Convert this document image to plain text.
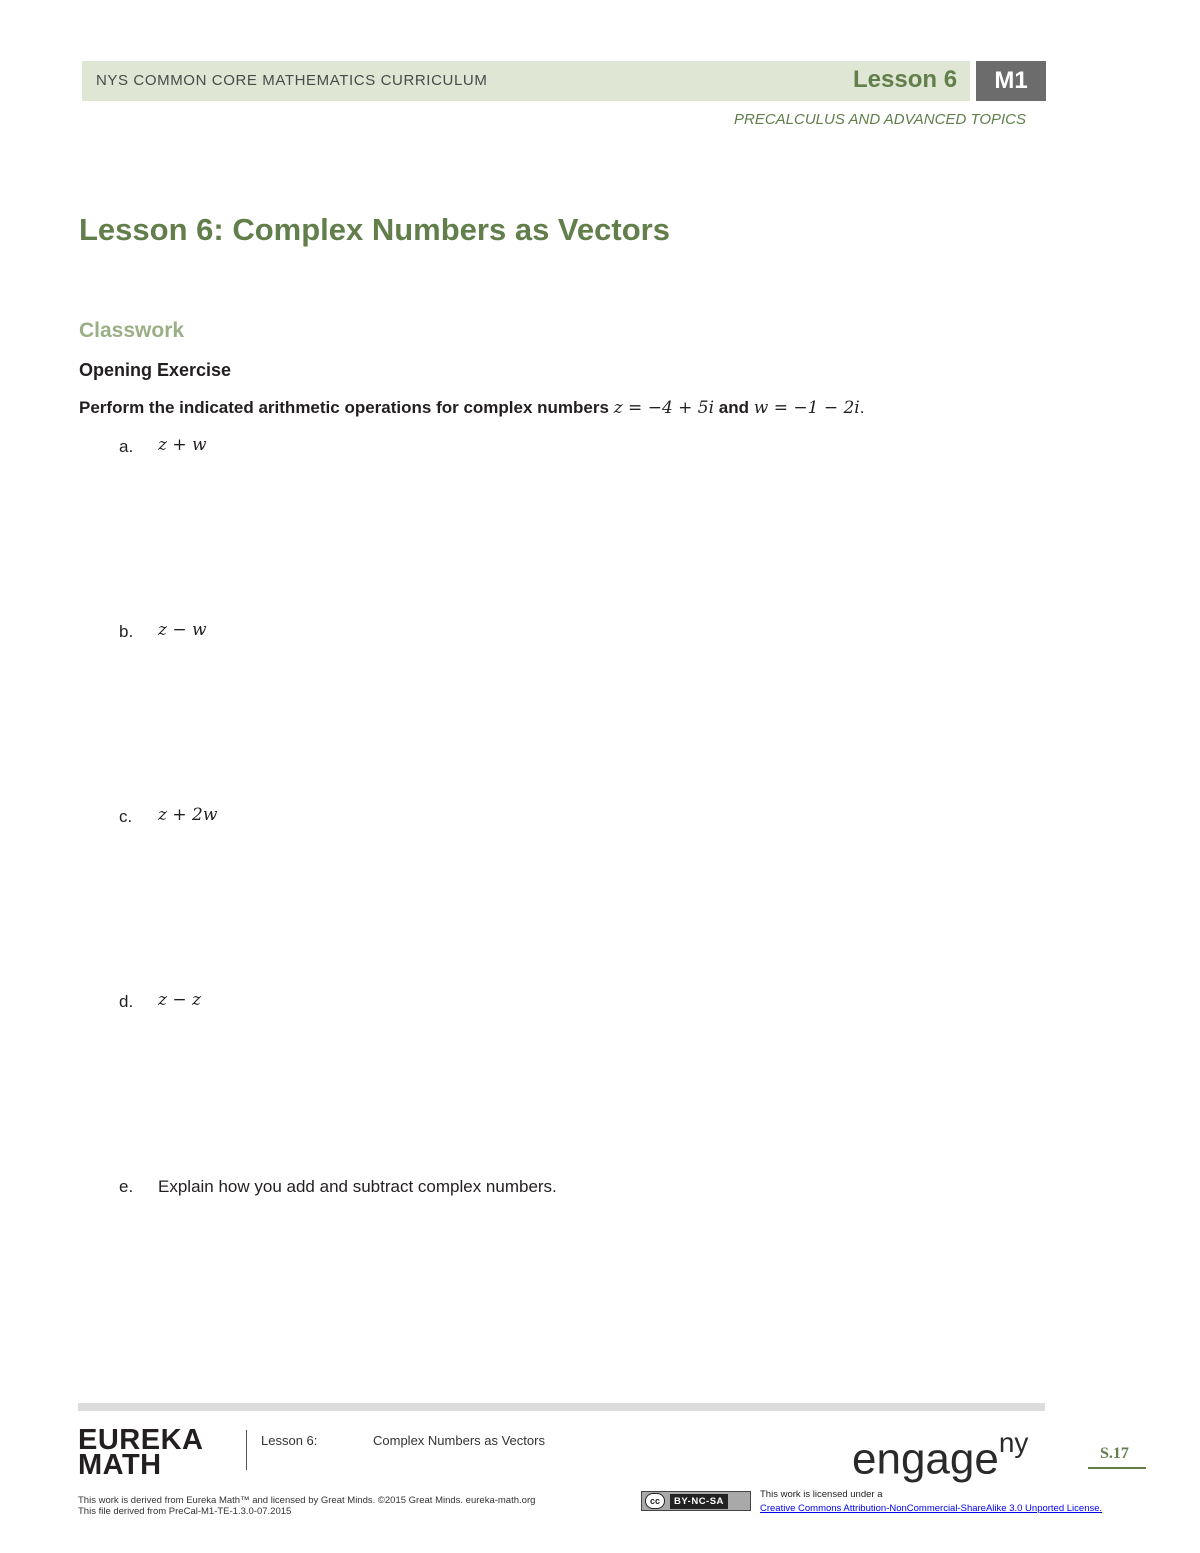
NYS COMMON CORE MATHEMATICS CURRICULUM	Lesson 6	M1
PRECALCULUS AND ADVANCED TOPICS
Lesson 6: Complex Numbers as Vectors
Classwork
Opening Exercise
Perform the indicated arithmetic operations for complex numbers z = −4 + 5i and w = −1 − 2i.
a. z + w
b. z − w
c. z + 2w
d. z − z
e. Explain how you add and subtract complex numbers.
EUREKA
MATH
Lesson 6:	Complex Numbers as Vectors	engage$^{ny}$	S.17
This work is derived from Eureka Math™ and licensed by Great Minds. ©2015 Great Minds. eureka-math.org
This file derived from PreCal-M1-TE-1.3.0-07.2015
cc	BY-NC-SA
This work is licensed under a
Creative Commons Attribution-NonCommercial-ShareAlike 3.0 Unported License.
